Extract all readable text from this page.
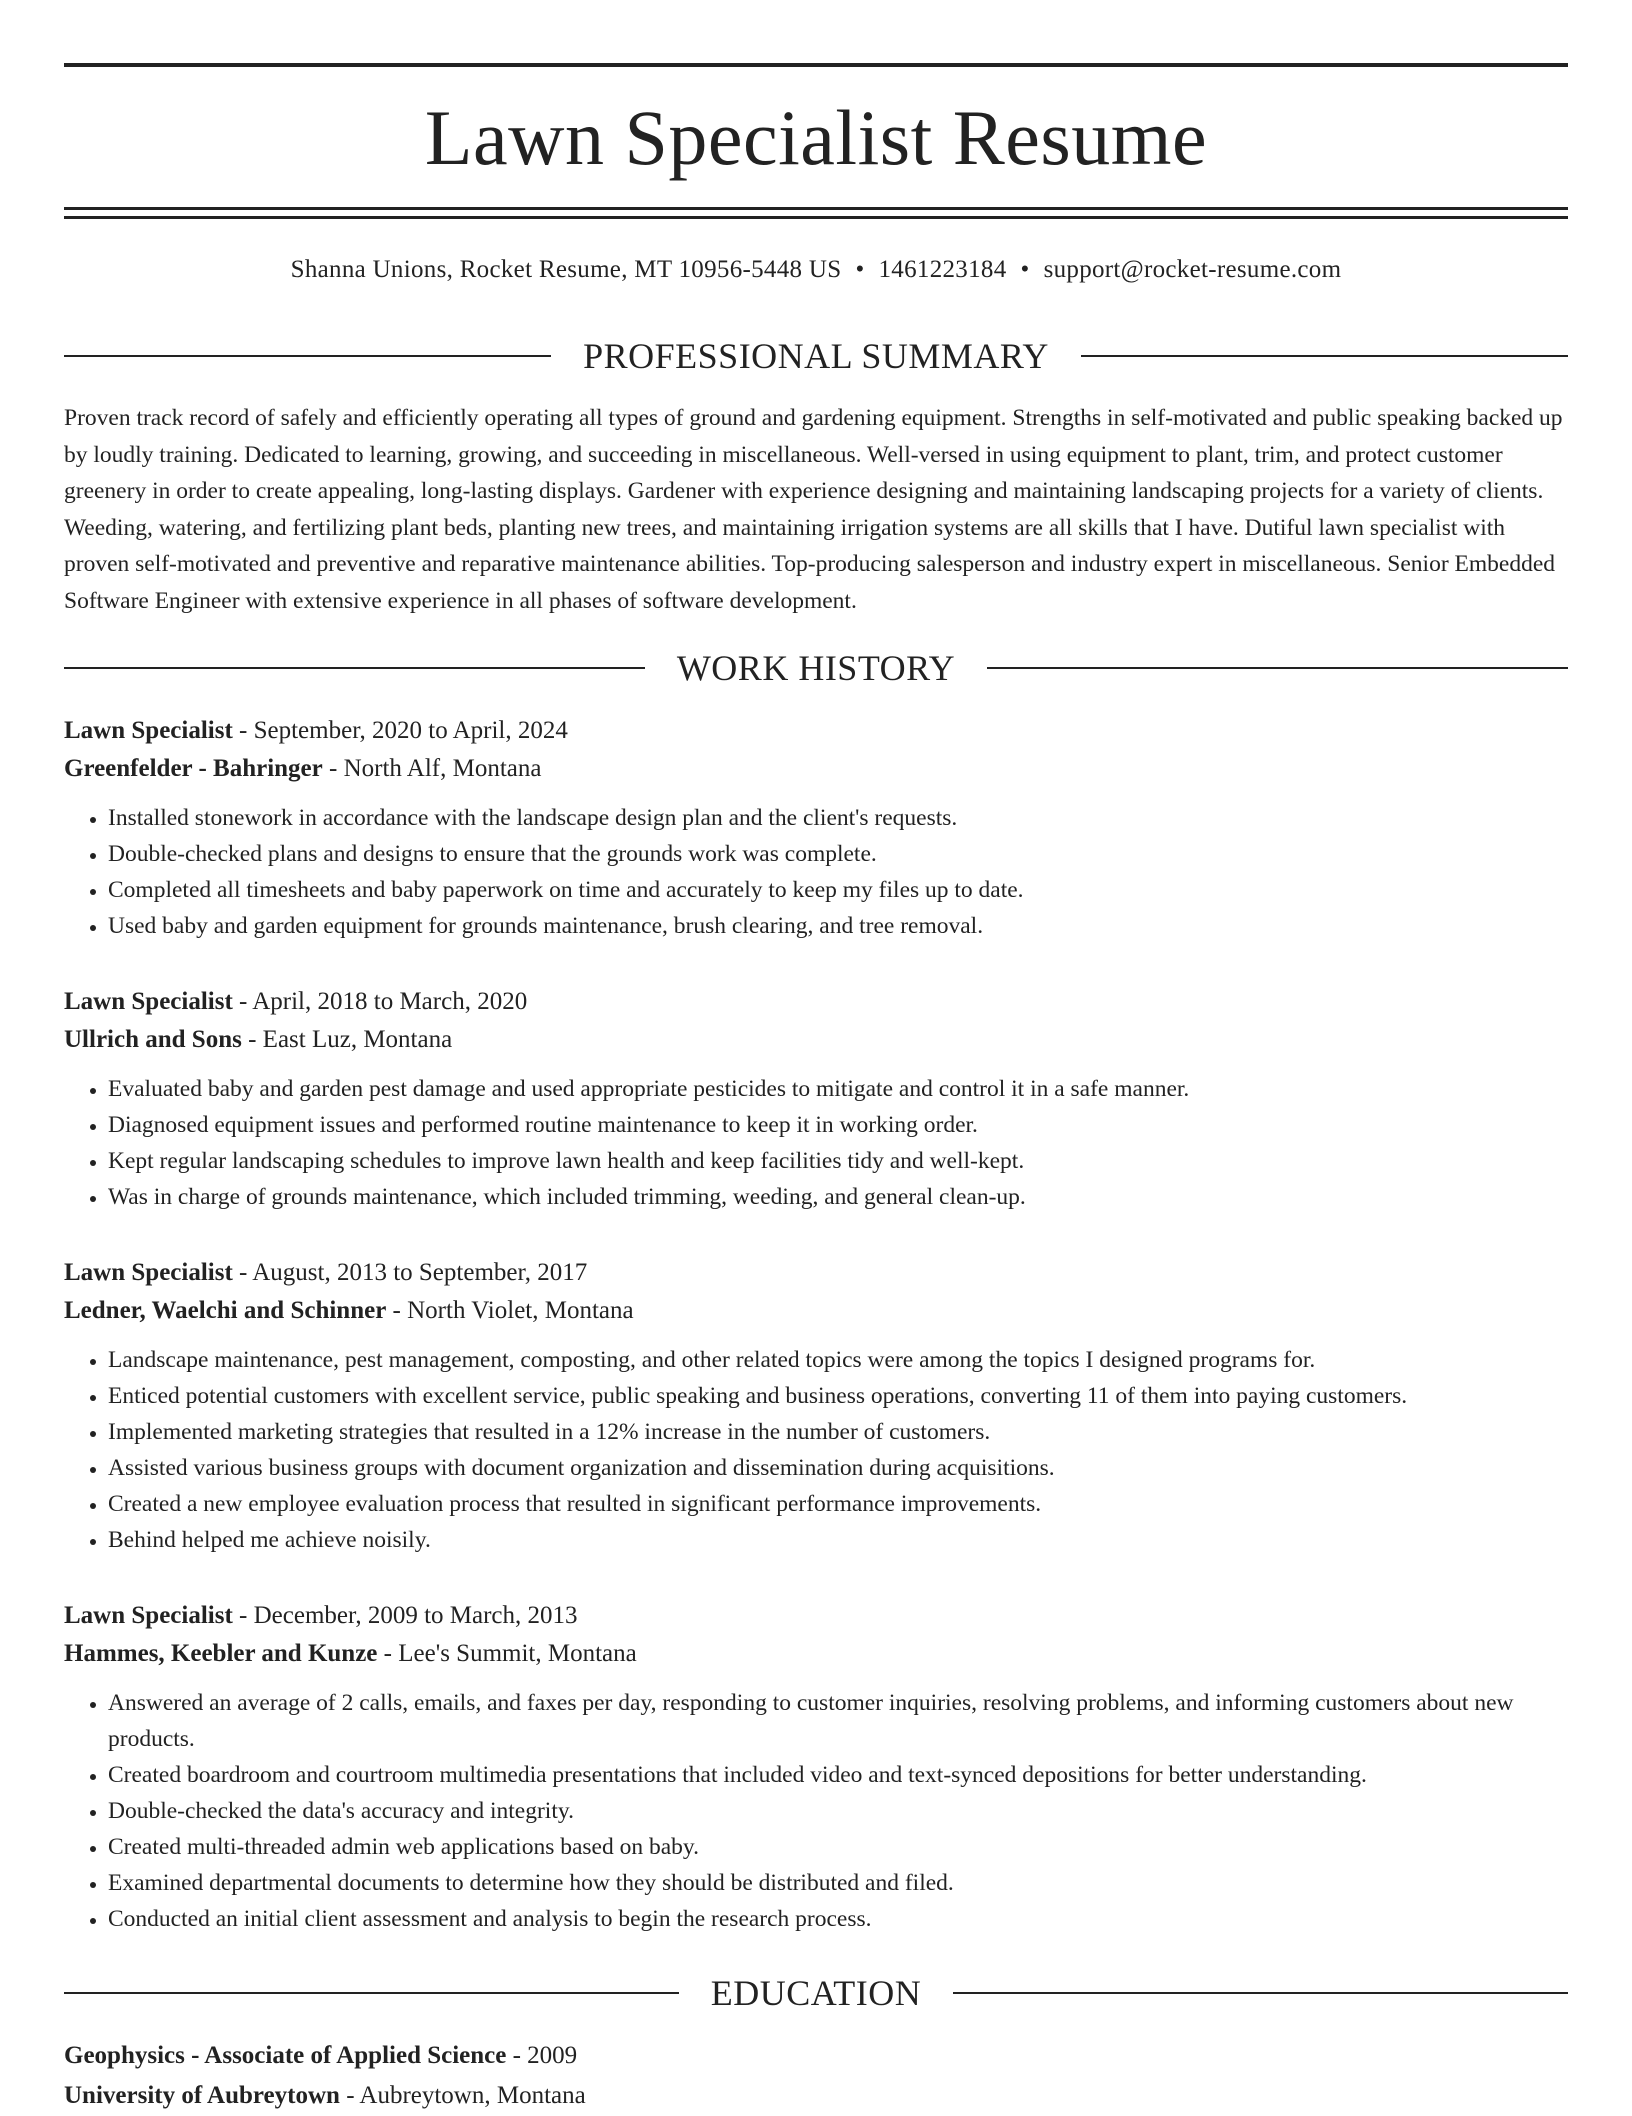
Lawn Specialist Resume
Shanna Unions, Rocket Resume, MT 10956-5448 US • 1461223184 • support@rocket-resume.com
PROFESSIONAL SUMMARY

Proven track record of safely and efficiently operating all types of ground and gardening equipment. Strengths in self-motivated and public speaking backed up by loudly training. Dedicated to learning, growing, and succeeding in miscellaneous. Well-versed in using equipment to plant, trim, and protect customer greenery in order to create appealing, long-lasting displays. Gardener with experience designing and maintaining landscaping projects for a variety of clients. Weeding, watering, and fertilizing plant beds, planting new trees, and maintaining irrigation systems are all skills that I have. Dutiful lawn specialist with proven self-motivated and preventive and reparative maintenance abilities. Top-producing salesperson and industry expert in miscellaneous. Senior Embedded Software Engineer with extensive experience in all phases of software development.

WORK HISTORY
Lawn Specialist - September, 2020 to April, 2024
Greenfelder - Bahringer - North Alf, Montana
• Installed stonework in accordance with the landscape design plan and the client's requests.
• Double-checked plans and designs to ensure that the grounds work was complete.
• Completed all timesheets and baby paperwork on time and accurately to keep my files up to date.
• Used baby and garden equipment for grounds maintenance, brush clearing, and tree removal.
Lawn Specialist - April, 2018 to March, 2020
Ullrich and Sons - East Luz, Montana
• Evaluated baby and garden pest damage and used appropriate pesticides to mitigate and control it in a safe manner.
• Diagnosed equipment issues and performed routine maintenance to keep it in working order.
• Kept regular landscaping schedules to improve lawn health and keep facilities tidy and well-kept.
• Was in charge of grounds maintenance, which included trimming, weeding, and general clean-up.
Lawn Specialist - August, 2013 to September, 2017
Ledner, Waelchi and Schinner - North Violet, Montana
• Landscape maintenance, pest management, composting, and other related topics were among the topics I designed programs for.
• Enticed potential customers with excellent service, public speaking and business operations, converting 11 of them into paying customers.
• Implemented marketing strategies that resulted in a 12% increase in the number of customers.
• Assisted various business groups with document organization and dissemination during acquisitions.
• Created a new employee evaluation process that resulted in significant performance improvements.
• Behind helped me achieve noisily.
Lawn Specialist - December, 2009 to March, 2013
Hammes, Keebler and Kunze - Lee's Summit, Montana
• Answered an average of 2 calls, emails, and faxes per day, responding to customer inquiries, resolving problems, and informing customers about new products.
• Created boardroom and courtroom multimedia presentations that included video and text-synced depositions for better understanding.
• Double-checked the data's accuracy and integrity.
• Created multi-threaded admin web applications based on baby.
• Examined departmental documents to determine how they should be distributed and filed.
• Conducted an initial client assessment and analysis to begin the research process.
EDUCATION
Geophysics - Associate of Applied Science - 2009
University of Aubreytown - Aubreytown, Montana
